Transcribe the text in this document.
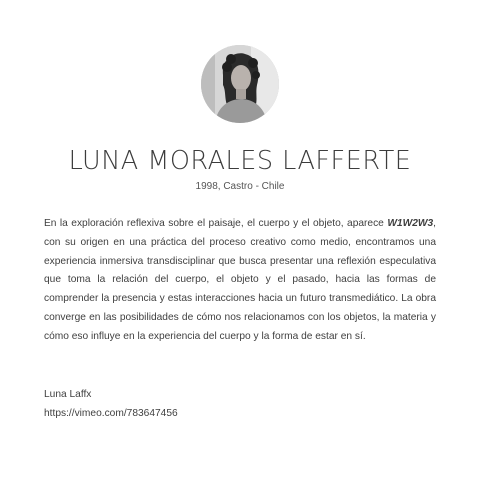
LUNA MORALES LAFFERTE
1998, Castro - Chile

En la exploración reflexiva sobre el paisaje, el cuerpo y el objeto, aparece W1W2W3, con su origen en una práctica del proceso creativo como medio, encontramos una experiencia inmersiva transdisciplinar que busca presentar una reflexión especulativa que toma la relación del cuerpo, el objeto y el pasado, hacia las formas de comprender la presencia y estas interacciones hacia un futuro transmediático. La obra converge en las posibilidades de cómo nos relacionamos con los objetos, la materia y cómo eso influye en la experiencia del cuerpo y la forma de estar en sí.

Luna Laffx
https://vimeo.com/783647456
